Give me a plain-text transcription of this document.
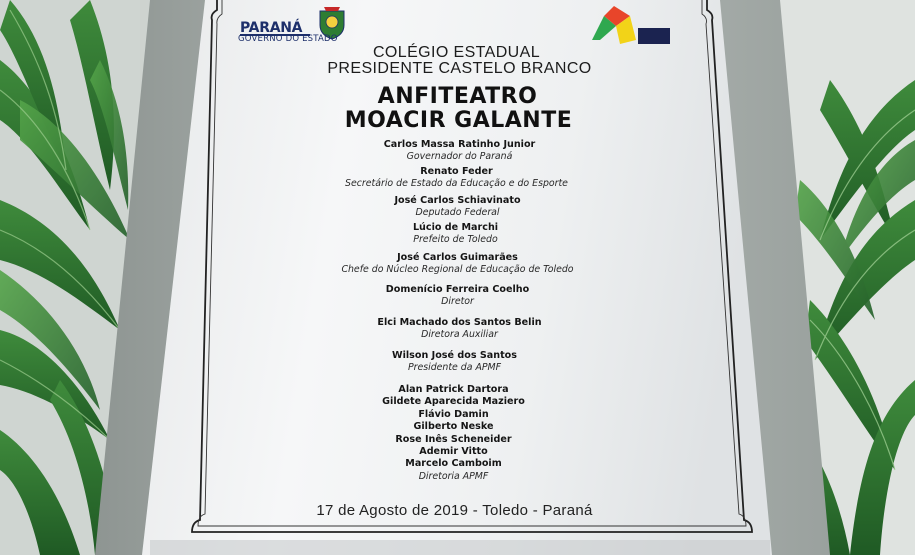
PARANÁ
GOVERNO DO ESTADO
COLÉGIO ESTADUAL
PRESIDENTE CASTELO BRANCO
ANFITEATRO
MOACIR GALANTE
Carlos Massa Ratinho Junior
Governador do Paraná
Renato Feder
Secretário de Estado da Educação e do Esporte
José Carlos Schiavinato
Deputado Federal
Lúcio de Marchi
Prefeito de Toledo
José Carlos Guimarães
Chefe do Núcleo Regional de Educação de Toledo
Domenício Ferreira Coelho
Diretor
Elci Machado dos Santos Belin
Diretora Auxiliar
Wilson José dos Santos
Presidente da APMF
Alan Patrick Dartora
Gildete Aparecida Maziero
Flávio Damin
Gilberto Neske
Rose Inês Scheneider
Ademir Vitto
Marcelo Camboim
Diretoria APMF
17 de Agosto de 2019 - Toledo - Paraná
